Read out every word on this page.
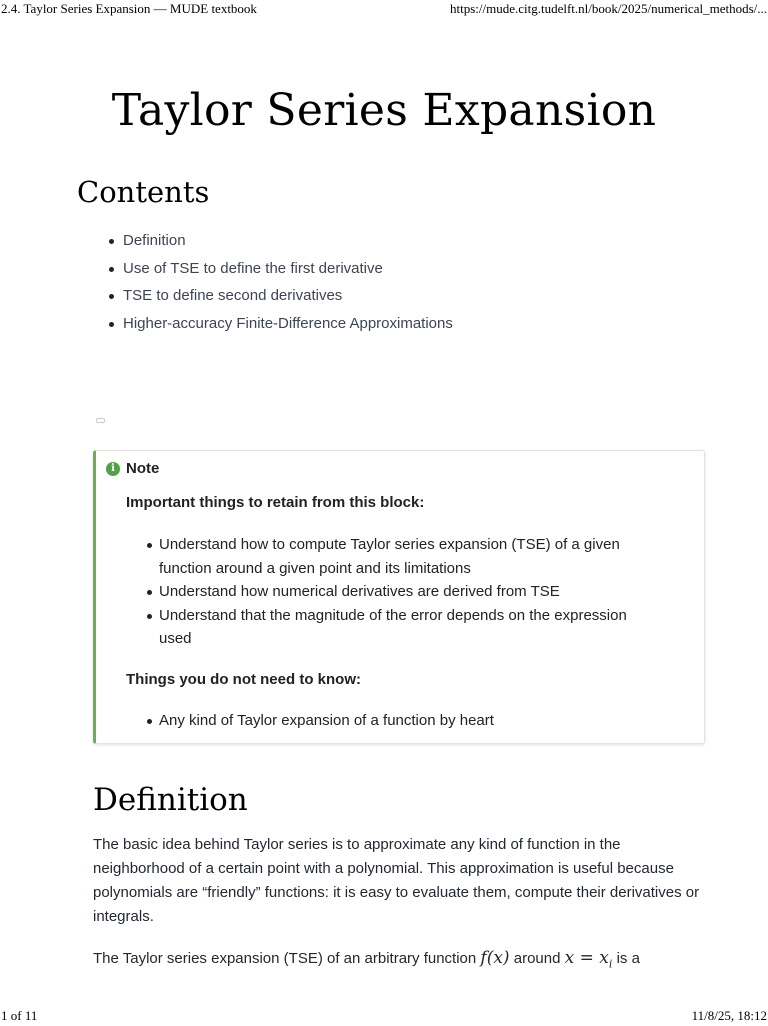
2.4. Taylor Series Expansion — MUDE textbook	https://mude.citg.tudelft.nl/book/2025/numerical_methods/...
Taylor Series Expansion
Contents
Definition
Use of TSE to define the first derivative
TSE to define second derivatives
Higher-accuracy Finite-Difference Approximations
i Note

Important things to retain from this block:

Understand how to compute Taylor series expansion (TSE) of a given function around a given point and its limitations
Understand how numerical derivatives are derived from TSE
Understand that the magnitude of the error depends on the expression used

Things you do not need to know:

Any kind of Taylor expansion of a function by heart
Definition

The basic idea behind Taylor series is to approximate any kind of function in the neighborhood of a certain point with a polynomial. This approximation is useful because polynomials are “friendly” functions: it is easy to evaluate them, compute their derivatives or integrals.

The Taylor series expansion (TSE) of an arbitrary function f(x) around $x = x_i$ is a

1 of 11	11/8/25, 18:12
